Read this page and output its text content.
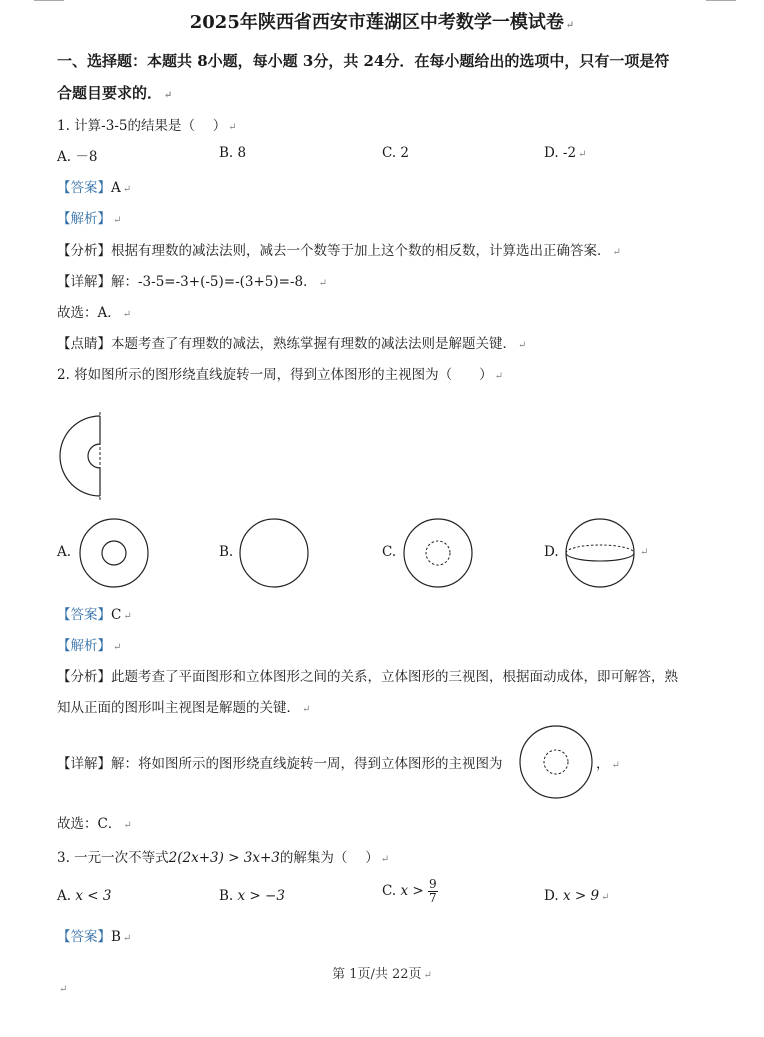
2025年陕西省西安市莲湖区中考数学一模试卷 ↵
一、选择题：本题共 8小题，每小题 3分，共 24分．在每小题给出的选项中，只有一项是符
合题目要求的． ↵
1. 计算-3-5的结果是（　 ） ↵
A. －8	B. 8	C. 2	D. -2 ↵
【答案】A ↵
【解析】 ↵
【分析】根据有理数的减法法则，减去一个数等于加上这个数的相反数，计算选出正确答案． ↵
【详解】解：-3-5=-3+(-5)=-(3+5)=-8． ↵
故选：A． ↵
【点睛】本题考查了有理数的减法，熟练掌握有理数的减法法则是解题关键． ↵
2. 将如图所示的图形绕直线旋转一周，得到立体图形的主视图为（　　） ↵
A.	B.	C.	D.	↵
【答案】C ↵
【解析】 ↵
【分析】此题考查了平面图形和立体图形之间的关系，立体图形的三视图，根据面动成体，即可解答，熟
知从正面的图形叫主视图是解题的关键． ↵
【详解】解：将如图所示的图形绕直线旋转一周，得到立体图形的主视图为	， ↵
故选：C． ↵
3. 一元一次不等式2(2x+3) > 3x+3的解集为（　 ） ↵
A. x < 3	B. x > −3	C. $x > \frac{9}{7}$	D. x > 9 ↵
【答案】B ↵
第 1页/共 22页 ↵
↵
